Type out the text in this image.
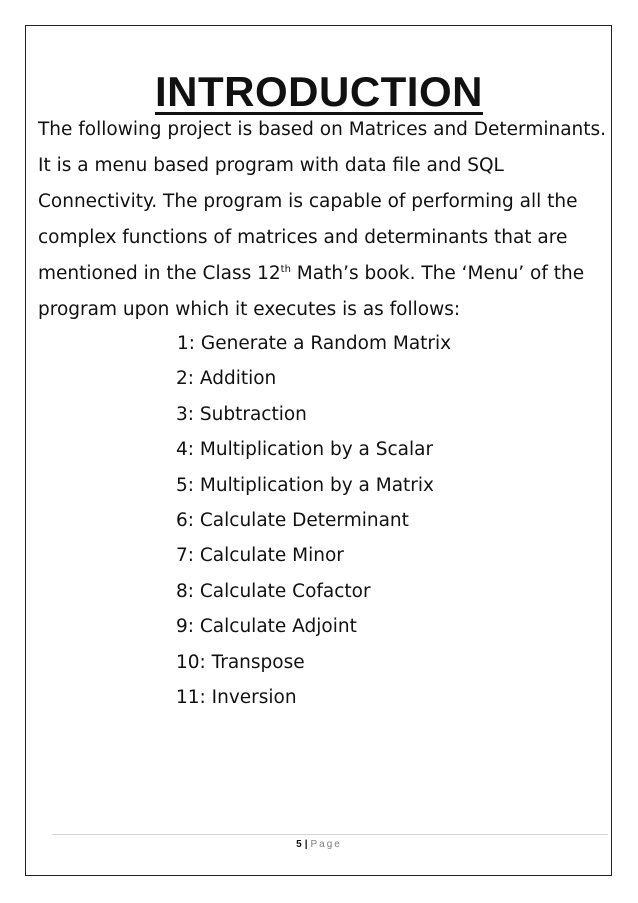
INTRODUCTION

The following project is based on Matrices and Determinants.
It is a menu based program with data file and SQL
Connectivity. The program is capable of performing all the
complex functions of matrices and determinants that are
mentioned in the Class 12th Math’s book. The ‘Menu’ of the
program upon which it executes is as follows:

1: Generate a Random Matrix
2: Addition
3: Subtraction
4: Multiplication by a Scalar
5: Multiplication by a Matrix
6: Calculate Determinant
7: Calculate Minor
8: Calculate Cofactor
9: Calculate Adjoint
10: Transpose
11: Inversion
5 | Page
